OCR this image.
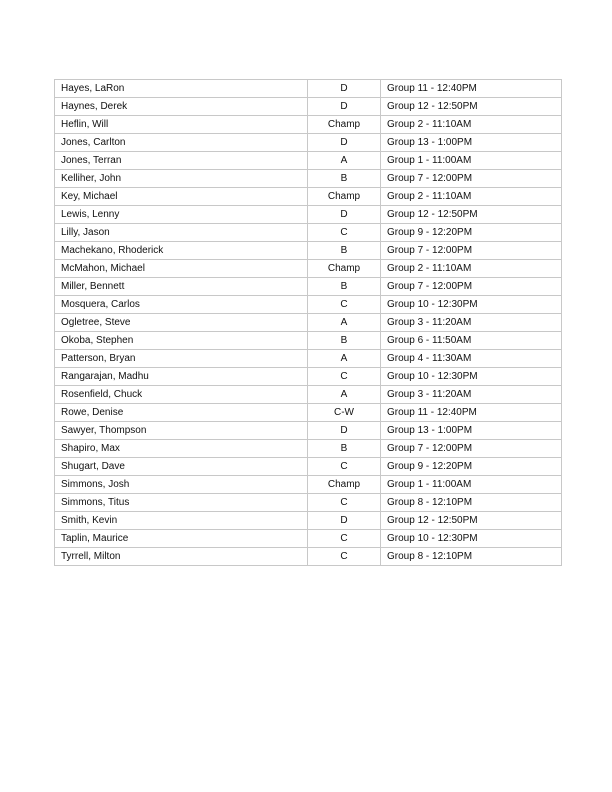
Hayes, LaRon	D	Group 11 - 12:40PM
Haynes, Derek	D	Group 12 - 12:50PM
Heflin, Will	Champ	Group 2 - 11:10AM
Jones, Carlton	D	Group 13 - 1:00PM
Jones, Terran	A	Group 1 - 11:00AM
Kelliher, John	B	Group 7 - 12:00PM
Key, Michael	Champ	Group 2 - 11:10AM
Lewis, Lenny	D	Group 12 - 12:50PM
Lilly, Jason	C	Group 9 - 12:20PM
Machekano, Rhoderick	B	Group 7 - 12:00PM
McMahon, Michael	Champ	Group 2 - 11:10AM
Miller, Bennett	B	Group 7 - 12:00PM
Mosquera, Carlos	C	Group 10 - 12:30PM
Ogletree, Steve	A	Group 3 - 11:20AM
Okoba, Stephen	B	Group 6 - 11:50AM
Patterson, Bryan	A	Group 4 - 11:30AM
Rangarajan, Madhu	C	Group 10 - 12:30PM
Rosenfield, Chuck	A	Group 3 - 11:20AM
Rowe, Denise	C-W	Group 11 - 12:40PM
Sawyer, Thompson	D	Group 13 - 1:00PM
Shapiro, Max	B	Group 7 - 12:00PM
Shugart, Dave	C	Group 9 - 12:20PM
Simmons, Josh	Champ	Group 1 - 11:00AM
Simmons, Titus	C	Group 8 - 12:10PM
Smith, Kevin	D	Group 12 - 12:50PM
Taplin, Maurice	C	Group 10 - 12:30PM
Tyrrell, Milton	C	Group 8 - 12:10PM
